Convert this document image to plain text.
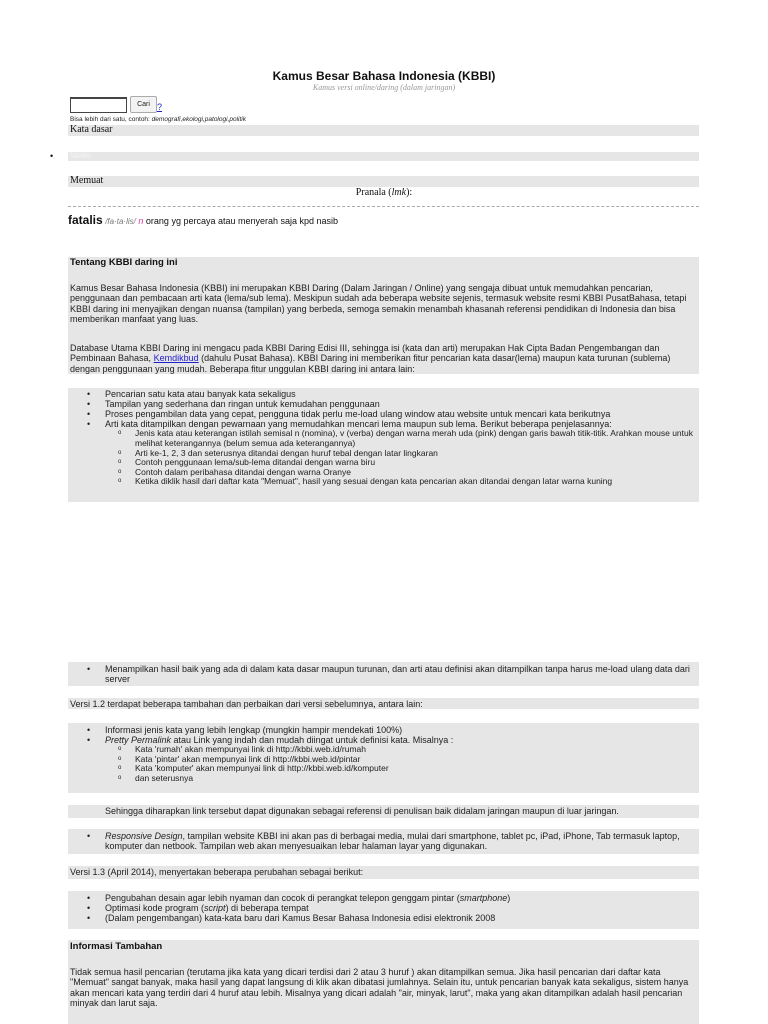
Kamus Besar Bahasa Indonesia (KBBI)
Kamus versi online/daring (dalam jaringan)
Cari ?
Bisa lebih dari satu, contoh: demografi,ekologi,patologi,politik
Kata dasar
• fatalis
Memuat
Pranala (lmk):
fatalis /fa·ta·lis/ n orang yg percaya atau menyerah saja kpd nasib
Tentang KBBI daring ini
Kamus Besar Bahasa Indonesia (KBBI) ini merupakan KBBI Daring (Dalam Jaringan / Online) yang sengaja dibuat untuk memudahkan pencarian, penggunaan dan pembacaan arti kata (lema/sub lema). Meskipun sudah ada beberapa website sejenis, termasuk website resmi KBBI PusatBahasa, tetapi KBBI daring ini menyajikan dengan nuansa (tampilan) yang berbeda, semoga semakin menambah khasanah referensi pendidikan di Indonesia dan bisa memberikan manfaat yang luas.
Database Utama KBBI Daring ini mengacu pada KBBI Daring Edisi III, sehingga isi (kata dan arti) merupakan Hak Cipta Badan Pengembangan dan Pembinaan Bahasa, Kemdikbud (dahulu Pusat Bahasa). KBBI Daring ini memberikan fitur pencarian kata dasar(lema) maupun kata turunan (sublema) dengan penggunaan yang mudah. Beberapa fitur unggulan KBBI daring ini antara lain:
• Pencarian satu kata atau banyak kata sekaligus
• Tampilan yang sederhana dan ringan untuk kemudahan penggunaan
• Proses pengambilan data yang cepat, pengguna tidak perlu me-load ulang window atau website untuk mencari kata berikutnya
• Arti kata ditampilkan dengan pewarnaan yang memudahkan mencari lema maupun sub lema. Berikut beberapa penjelasannya:
o Jenis kata atau keterangan istilah semisal n (nomina), v (verba) dengan warna merah uda (pink) dengan garis bawah titik-titik. Arahkan mouse untuk melihat keterangannya (belum semua ada keterangannya)
o Arti ke-1, 2, 3 dan seterusnya ditandai dengan huruf tebal dengan latar lingkaran
o Contoh penggunaan lema/sub-lema ditandai dengan warna biru
o Contoh dalam peribahasa ditandai dengan warna Oranye
o Ketika diklik hasil dari daftar kata "Memuat", hasil yang sesuai dengan kata pencarian akan ditandai dengan latar warna kuning
• Menampilkan hasil baik yang ada di dalam kata dasar maupun turunan, dan arti atau definisi akan ditampilkan tanpa harus me-load ulang data dari server
Versi 1.2 terdapat beberapa tambahan dan perbaikan dari versi sebelumnya, antara lain:
• Informasi jenis kata yang lebih lengkap (mungkin hampir mendekati 100%)
• Pretty Permalink atau Link yang indah dan mudah diingat untuk definisi kata. Misalnya :
o Kata 'rumah' akan mempunyai link di http://kbbi.web.id/rumah
o Kata 'pintar' akan mempunyai link di http://kbbi.web.id/pintar
o Kata 'komputer' akan mempunyai link di http://kbbi.web.id/komputer
o dan seterusnya
Sehingga diharapkan link tersebut dapat digunakan sebagai referensi di penulisan baik didalam jaringan maupun di luar jaringan.
• Responsive Design, tampilan website KBBI ini akan pas di berbagai media, mulai dari smartphone, tablet pc, iPad, iPhone, Tab termasuk laptop, komputer dan netbook. Tampilan web akan menyesuaikan lebar halaman layar yang digunakan.
Versi 1.3 (April 2014), menyertakan beberapa perubahan sebagai berikut:
• Pengubahan desain agar lebih nyaman dan cocok di perangkat telepon genggam pintar (smartphone)
• Optimasi kode program (script) di beberapa tempat
• (Dalam pengembangan) kata-kata baru dari Kamus Besar Bahasa Indonesia edisi elektronik 2008
Informasi Tambahan
Tidak semua hasil pencarian (terutama jika kata yang dicari terdisi dari 2 atau 3 huruf ) akan ditampilkan semua. Jika hasil pencarian dari daftar kata "Memuat" sangat banyak, maka hasil yang dapat langsung di klik akan dibatasi jumlahnya. Selain itu, untuk pencarian banyak kata sekaligus, sistem hanya akan mencari kata yang terdiri dari 4 huruf atau lebih. Misalnya yang dicari adalah "air, minyak, larut", maka yang akan ditampilkan adalah hasil pencarian minyak dan larut saja.
